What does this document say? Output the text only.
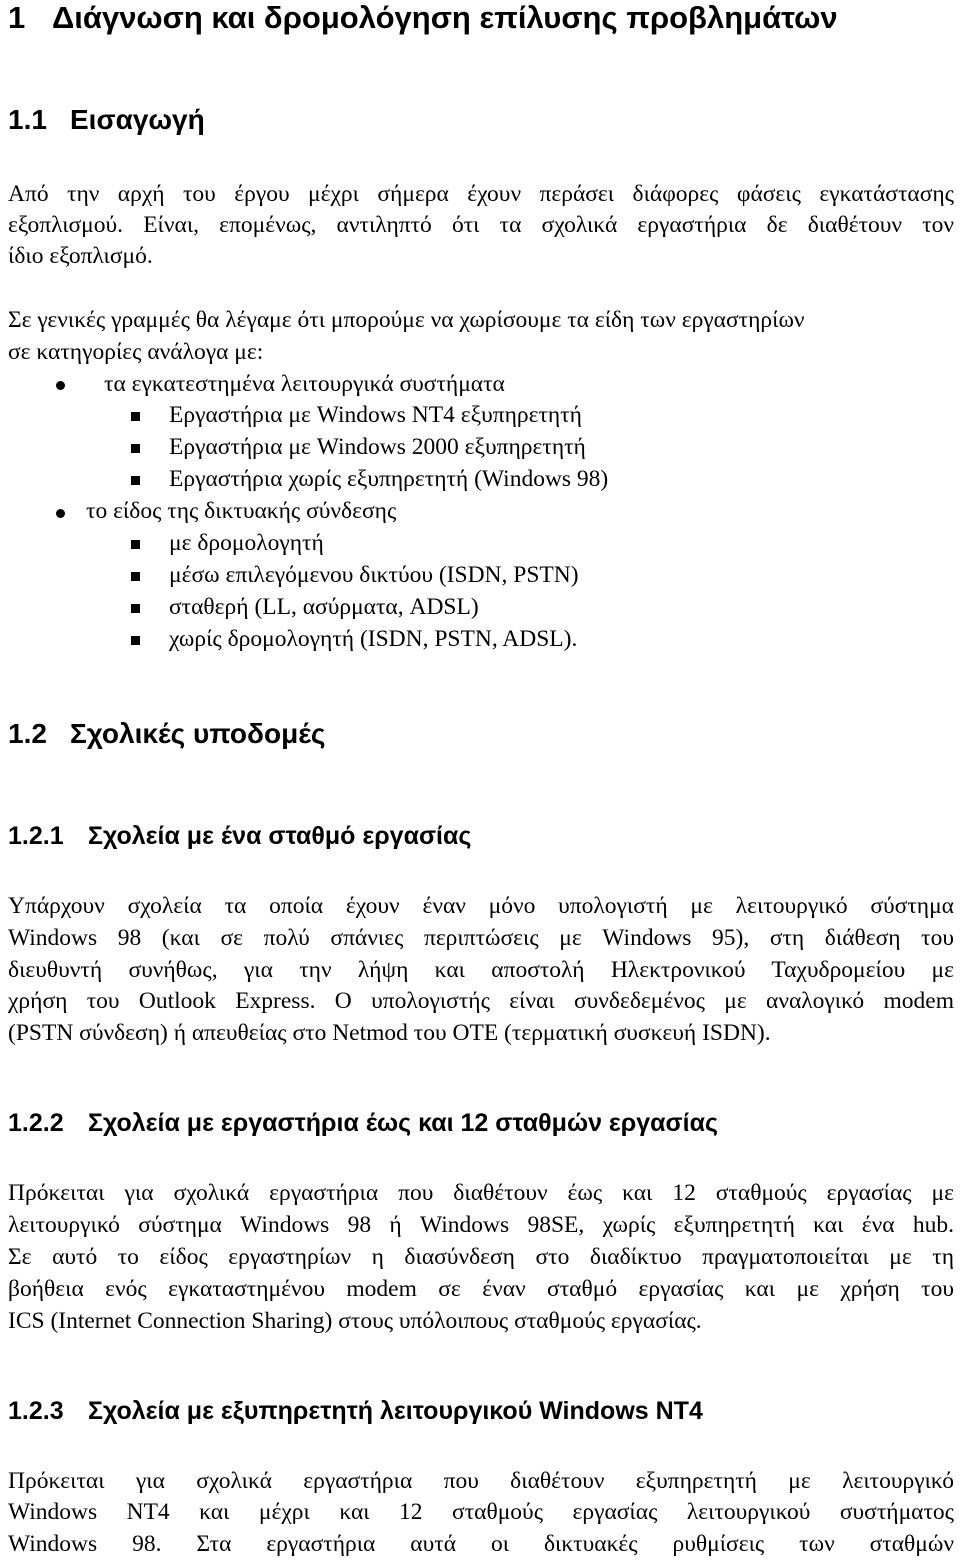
1 Διάγνωση και δρομολόγηση επίλυσης προβλημάτων
1.1 Εισαγωγή

Από την αρχή του έργου μέχρι σήμερα έχουν περάσει διάφορες φάσεις εγκατάστασης

εξοπλισμού. Είναι, επομένως, αντιληπτό ότι τα σχολικά εργαστήρια δε διαθέτουν τον

ίδιο εξοπλισμό.

Σε γενικές γραμμές θα λέγαμε ότι μπορούμε να χωρίσουμε τα είδη των εργαστηρίων

σε κατηγορίες ανάλογα με:

τα εγκατεστημένα λειτουργικά συστήματα

Εργαστήρια με Windows NT4 εξυπηρετητή

Εργαστήρια με Windows 2000 εξυπηρετητή

Εργαστήρια χωρίς εξυπηρετητή (Windows 98)

το είδος της δικτυακής σύνδεσης

με δρομολογητή

μέσω επιλεγόμενου δικτύου (ISDN, PSTN)

σταθερή (LL, ασύρματα, ADSL)

χωρίς δρομολογητή (ISDN, PSTN, ADSL).

1.2 Σχολικές υποδομές
1.2.1 Σχολεία με ένα σταθμό εργασίας

Υπάρχουν σχολεία τα οποία έχουν έναν μόνο υπολογιστή με λειτουργικό σύστημα

Windows 98 (και σε πολύ σπάνιες περιπτώσεις με Windows 95), στη διάθεση του

διευθυντή συνήθως, για την λήψη και αποστολή Ηλεκτρονικού Ταχυδρομείου με

χρήση του Outlook Express. Ο υπολογιστής είναι συνδεδεμένος με αναλογικό modem

(PSTN σύνδεση) ή απευθείας στο Netmod του ΟΤΕ (τερματική συσκευή ISDN).

1.2.2 Σχολεία με εργαστήρια έως και 12 σταθμών εργασίας

Πρόκειται για σχολικά εργαστήρια που διαθέτουν έως και 12 σταθμούς εργασίας με

λειτουργικό σύστημα Windows 98 ή Windows 98SE, χωρίς εξυπηρετητή και ένα hub.

Σε αυτό το είδος εργαστηρίων η διασύνδεση στο διαδίκτυο πραγματοποιείται με τη

βοήθεια ενός εγκαταστημένου modem σε έναν σταθμό εργασίας και με χρήση του

ICS (Internet Connection Sharing) στους υπόλοιπους σταθμούς εργασίας.

1.2.3 Σχολεία με εξυπηρετητή λειτουργικού Windows NT4

Πρόκειται για σχολικά εργαστήρια που διαθέτουν εξυπηρετητή με λειτουργικό

Windows NT4 και μέχρι και 12 σταθμούς εργασίας λειτουργικού συστήματος

Windows 98. Στα εργαστήρια αυτά οι δικτυακές ρυθμίσεις των σταθμών
